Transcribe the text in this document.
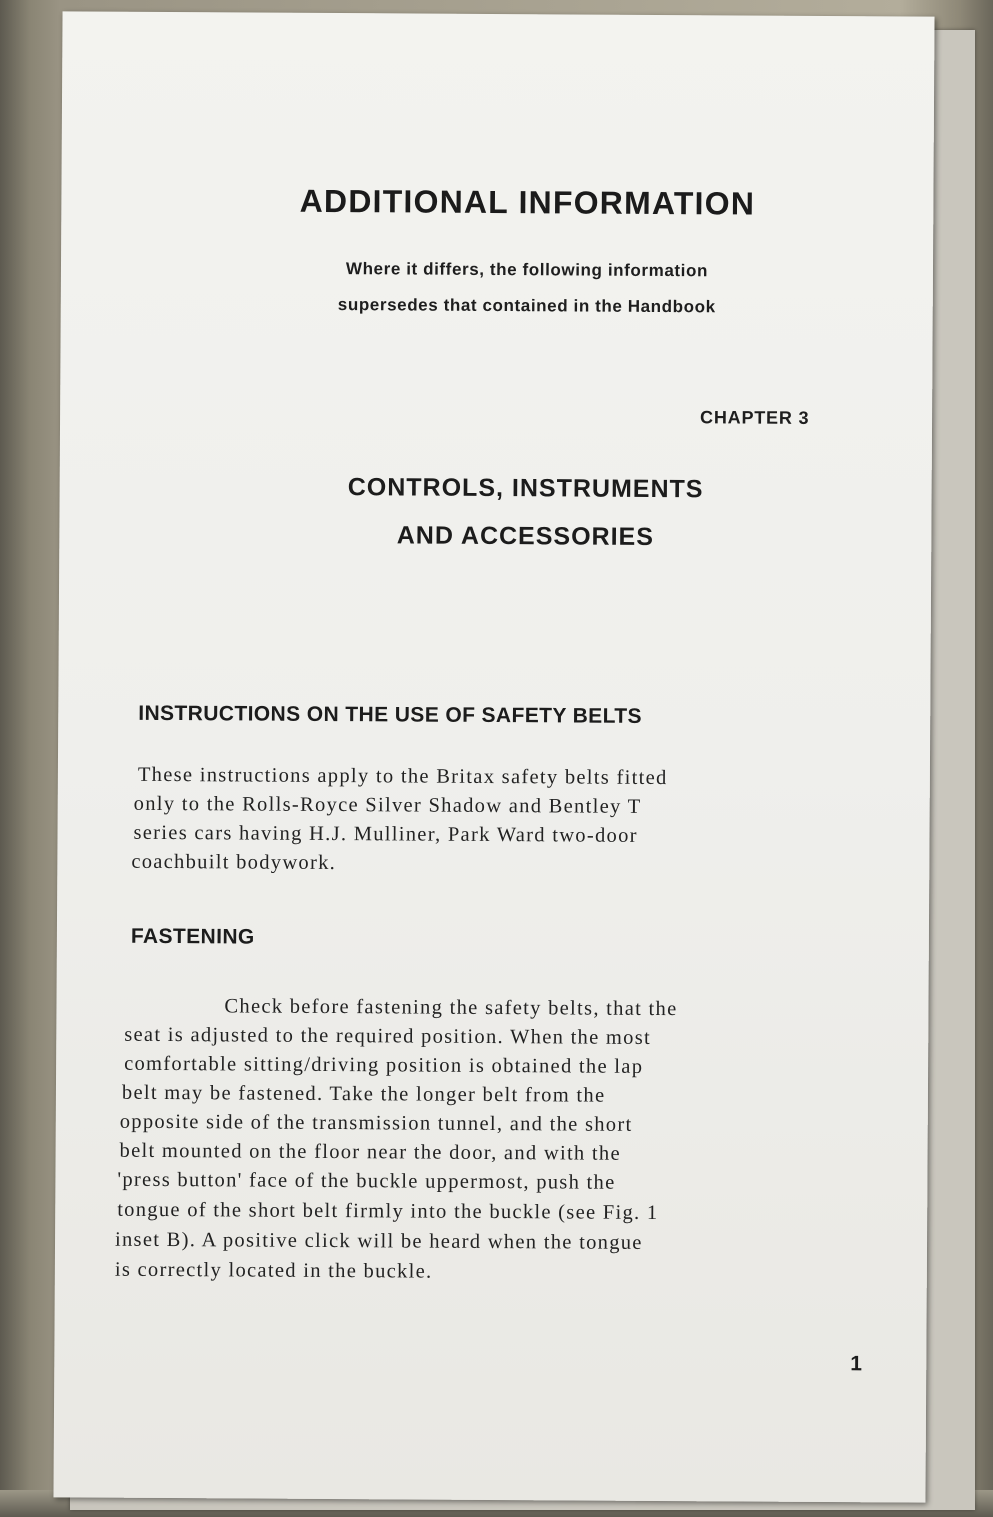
ADDITIONAL INFORMATION
Where it differs, the following information
supersedes that contained in the Handbook
CHAPTER 3
CONTROLS, INSTRUMENTS
AND ACCESSORIES
INSTRUCTIONS ON THE USE OF SAFETY BELTS
These instructions apply to the Britax safety belts fitted
only to the Rolls-Royce Silver Shadow and Bentley T
series cars having H.J. Mulliner, Park Ward two-door
coachbuilt bodywork.
FASTENING
Check before fastening the safety belts, that the
seat is adjusted to the required position. When the most
comfortable sitting/driving position is obtained the lap
belt may be fastened. Take the longer belt from the
opposite side of the transmission tunnel, and the short
belt mounted on the floor near the door, and with the
'press button' face of the buckle uppermost, push the
tongue of the short belt firmly into the buckle (see Fig. 1
inset B). A positive click will be heard when the tongue
is correctly located in the buckle.
1
